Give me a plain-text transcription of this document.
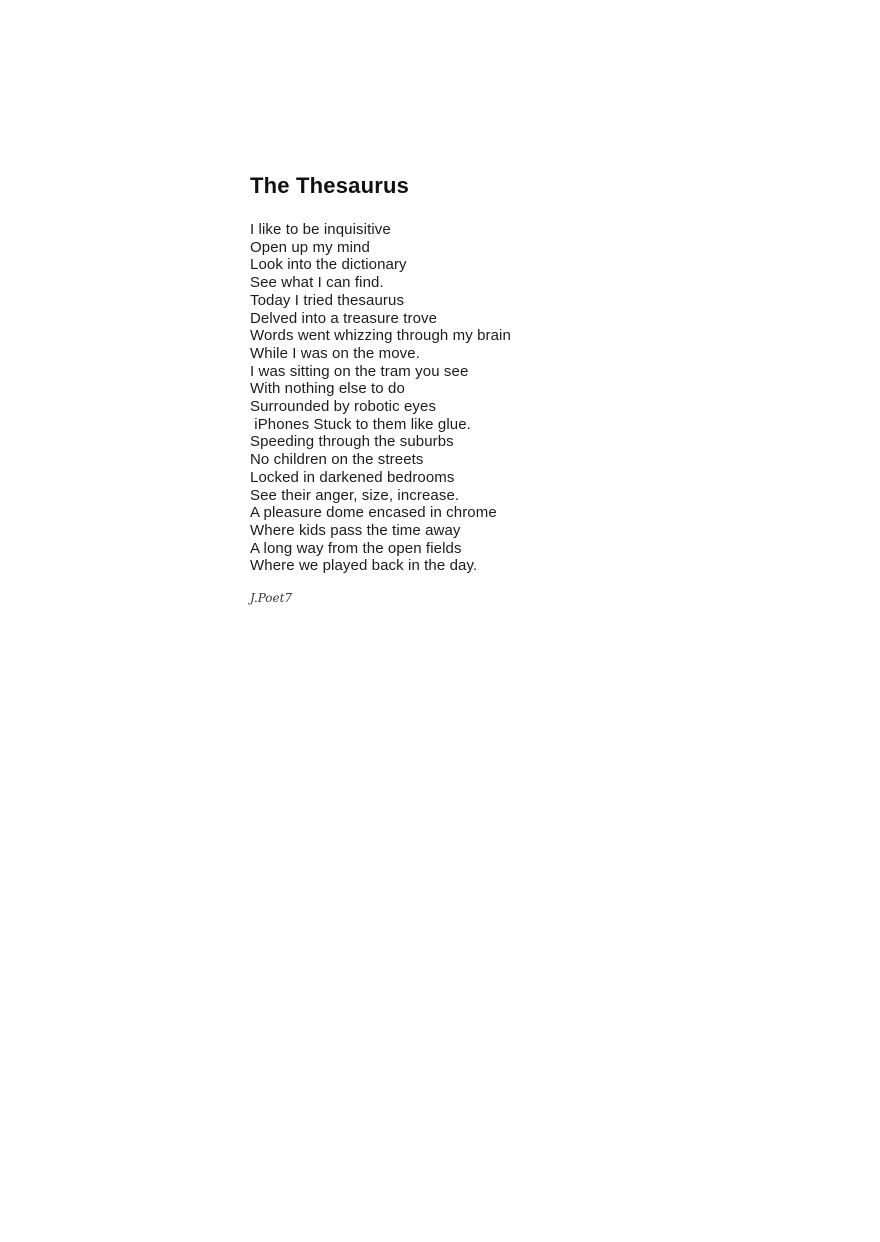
The Thesaurus
I like to be inquisitive
Open up my mind
Look into the dictionary
See what I can find.
Today I tried thesaurus
Delved into a treasure trove
Words went whizzing through my brain
While I was on the move.
I was sitting on the tram you see
With nothing else to do
Surrounded by robotic eyes
iPhones Stuck to them like glue.
Speeding through the suburbs
No children on the streets
Locked in darkened bedrooms
See their anger, size, increase.
A pleasure dome encased in chrome
Where kids pass the time away
A long way from the open fields
Where we played back in the day.
J.Poet7
